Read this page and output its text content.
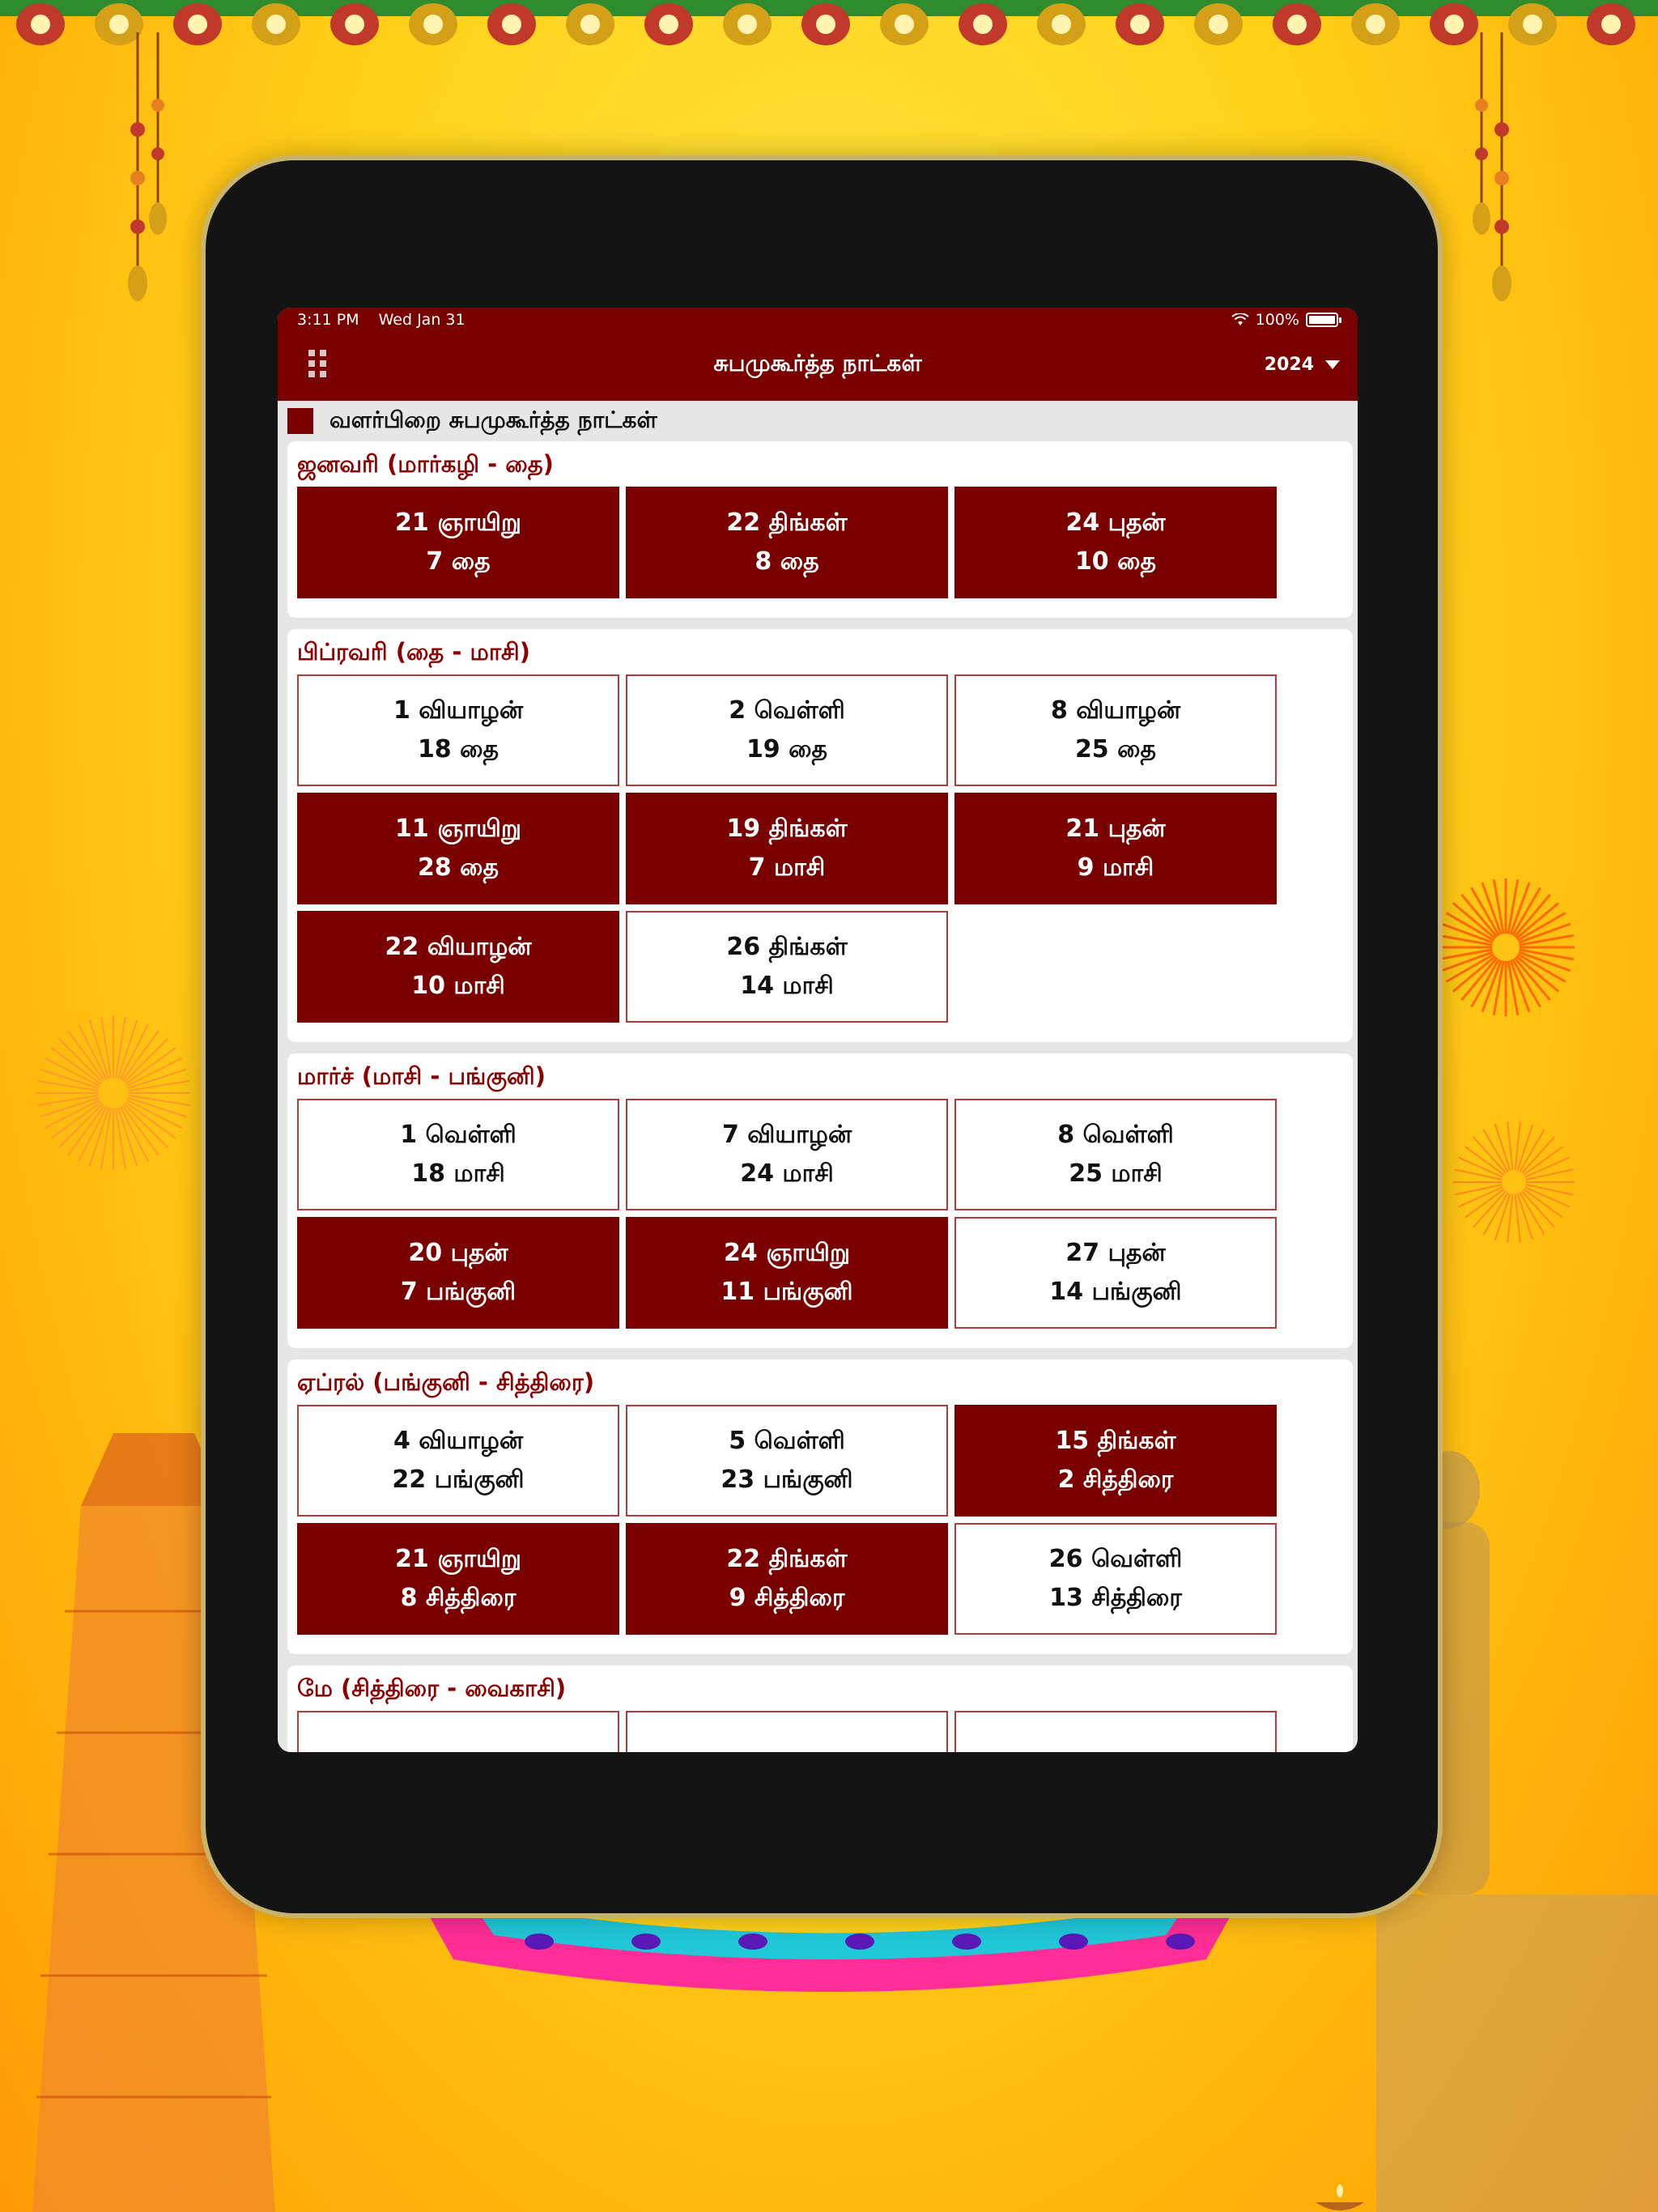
3:11 PM Wed Jan 31	100%
சுபமுகூர்த்த நாட்கள்	2024
வளர்பிறை சுபமுகூர்த்த நாட்கள்
ஜனவரி (மார்கழி - தை)
21 ஞாயிறு
7 தை
22 திங்கள்
8 தை
24 புதன்
10 தை
பிப்ரவரி (தை - மாசி)
1 வியாழன்
18 தை
2 வெள்ளி
19 தை
8 வியாழன்
25 தை
11 ஞாயிறு
28 தை
19 திங்கள்
7 மாசி
21 புதன்
9 மாசி
22 வியாழன்
10 மாசி
26 திங்கள்
14 மாசி
மார்ச் (மாசி - பங்குனி)
1 வெள்ளி
18 மாசி
7 வியாழன்
24 மாசி
8 வெள்ளி
25 மாசி
20 புதன்
7 பங்குனி
24 ஞாயிறு
11 பங்குனி
27 புதன்
14 பங்குனி
ஏப்ரல் (பங்குனி - சித்திரை)
4 வியாழன்
22 பங்குனி
5 வெள்ளி
23 பங்குனி
15 திங்கள்
2 சித்திரை
21 ஞாயிறு
8 சித்திரை
22 திங்கள்
9 சித்திரை
26 வெள்ளி
13 சித்திரை
மே (சித்திரை - வைகாசி)
